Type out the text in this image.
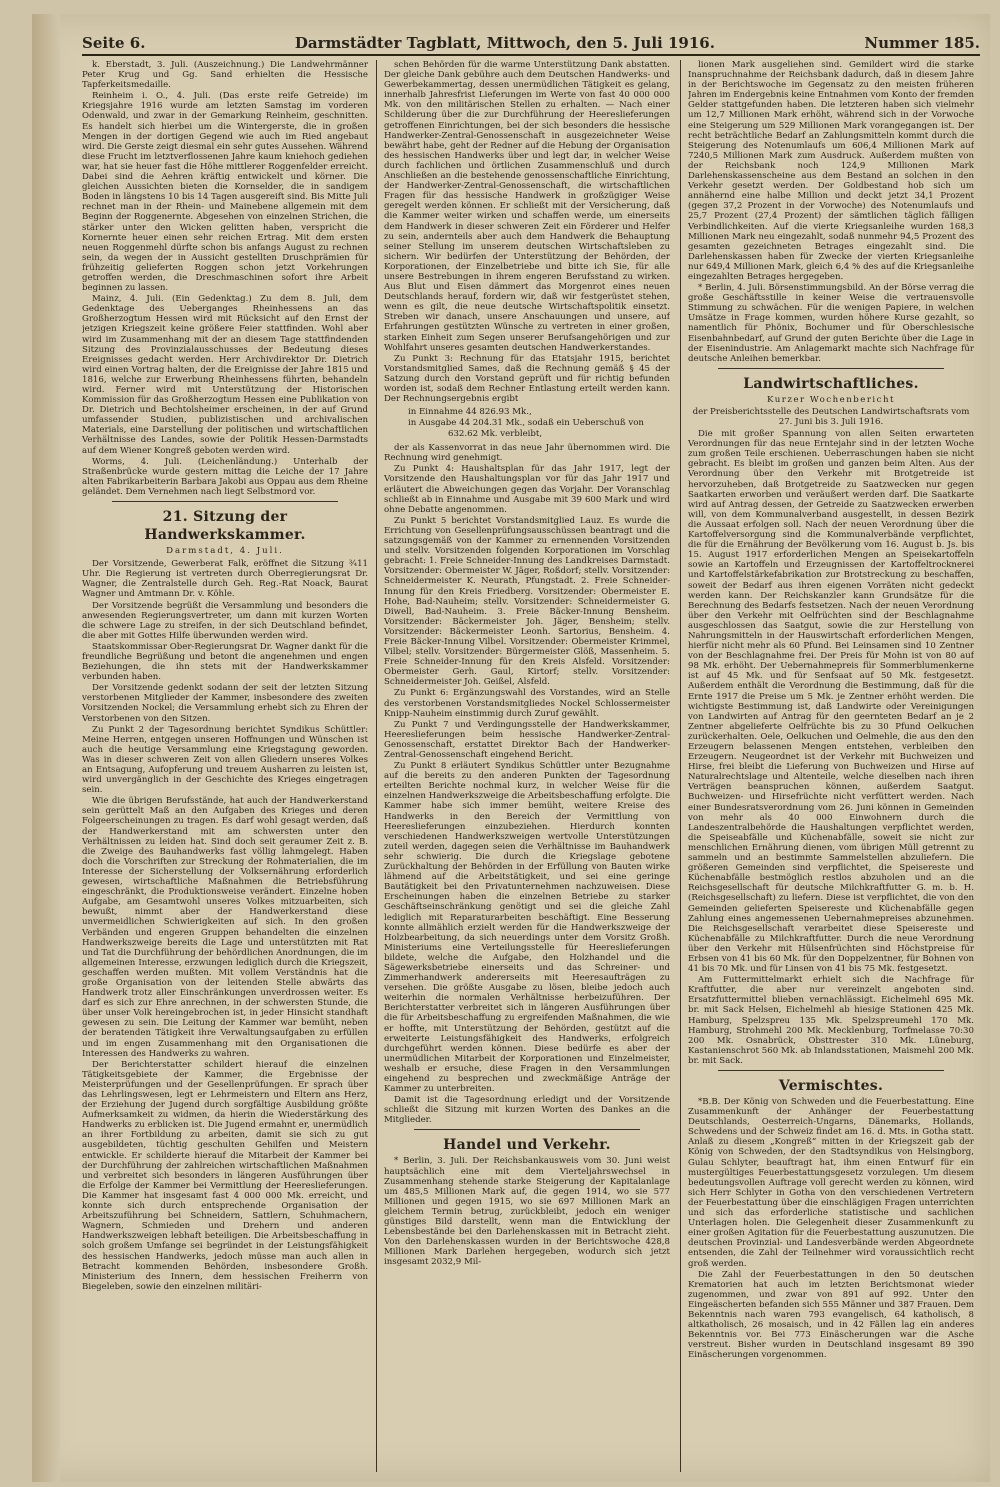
Seite 6.	Darmstädter Tagblatt, Mittwoch, den 5. Juli 1916.	Nummer 185.

k. Eberstadt, 3. Juli. (Auszeichnung.) Die Landwehrmänner Peter Krug und Gg. Sand erhielten die Hessische Tapferkeitsmedaille.

Reinheim i. O., 4. Juli. (Das erste reife Getreide) im Kriegsjahre 1916 wurde am letzten Samstag im vorderen Odenwald, und zwar in der Gemarkung Reinheim, geschnitten. Es handelt sich hierbei um die Wintergerste, die in großen Mengen in der dortigen Gegend wie auch im Ried angebaut wird. Die Gerste zeigt diesmal ein sehr gutes Aussehen. Während diese Frucht im letztverflossenen Jahre kaum kniehoch gediehen war, hat sie heuer fast die Höhe mittlerer Roggenfelder erreicht. Dabei sind die Aehren kräftig entwickelt und körner. Die gleichen Aussichten bieten die Kornselder, die in sandigem Boden in längstens 10 bis 14 Tagen ausgereift sind. Bis Mitte Juli rechnet man in der Rhein- und Mainebene allgemein mit dem Beginn der Roggenernte. Abgesehen von einzelnen Strichen, die stärker unter den Wicken gelitten haben, verspricht die Kornernte heuer einen sehr reichen Ertrag. Mit dem ersten neuen Roggenmehl dürfte schon bis anfangs August zu rechnen sein, da wegen der in Aussicht gestellten Druschprämien für frühzeitig gelieferten Roggen schon jetzt Vorkehrungen getroffen werden, die Dreschmaschinen sofort ihre Arbeit beginnen zu lassen.

Mainz, 4. Juli. (Ein Gedenktag.) Zu dem 8. Juli, dem Gedenktage des Ueberganges Rheinhessens an das Großherzogtum Hessen wird mit Rücksicht auf den Ernst der jetzigen Kriegszeit keine größere Feier stattfinden. Wohl aber wird im Zusammenhang mit der an diesem Tage stattfindenden Sitzung des Provinzialausschusses der Bedeutung dieses Ereignisses gedacht werden. Herr Archivdirektor Dr. Dietrich wird einen Vortrag halten, der die Ereignisse der Jahre 1815 und 1816, welche zur Erwerbung Rheinhessens führten, behandeln wird. Ferner wird mit Unterstützung der Historischen Kommission für das Großherzogtum Hessen eine Publikation von Dr. Dietrich und Bechtolsheimer erscheinen, in der auf Grund umfassender Studien, publizistischen und archivalischen Materials, eine Darstellung der politischen und wirtschaftlichen Verhältnisse des Landes, sowie der Politik Hessen-Darmstadts auf dem Wiener Kongreß geboten werden wird.

Worms, 4. Juli. (Leichenländung.) Unterhalb der Straßenbrücke wurde gestern mittag die Leiche der 17 Jahre alten Fabrikarbeiterin Barbara Jakobi aus Oppau aus dem Rheine geländet. Dem Vernehmen nach liegt Selbstmord vor.

21. Sitzung der Handwerkskammer.
Darmstadt, 4. Juli.

Der Vorsitzende, Gewerberat Falk, eröffnet die Sitzung ¾11 Uhr. Die Regierung ist vertreten durch Oberregierungsrat Dr. Wagner, die Zentralstelle durch Geh. Reg.-Rat Noack, Baurat Wagner und Amtmann Dr. v. Köhle.

Der Vorsitzende begrüßt die Versammlung und besonders die anwesenden Regierungsvertreter, um dann mit kurzen Worten die schwere Lage zu streifen, in der sich Deutschland befindet, die aber mit Gottes Hilfe überwunden werden wird.

Staatskommissar Ober-Regierungsrat Dr. Wagner dankt für die freundliche Begrüßung und betont die angenehmen und engen Beziehungen, die ihn stets mit der Handwerkskammer verbunden haben.

Der Vorsitzende gedenkt sodann der seit der letzten Sitzung verstorbenen Mitglieder der Kammer, insbesondere des zweiten Vorsitzenden Nockel; die Versammlung erhebt sich zu Ehren der Verstorbenen von den Sitzen.

Zu Punkt 2 der Tagesordnung berichtet Syndikus Schüttler: Meine Herren, entgegen unseren Hoffnungen und Wünschen ist auch die heutige Versammlung eine Kriegstagung geworden. Was in dieser schweren Zeit von allen Gliedern unseres Volkes an Entsagung, Aufopferung und treuem Ausharren zu leisten ist, wird unvergänglich in der Geschichte des Krieges eingetragen sein.

Wie die übrigen Berufsstände, hat auch der Handwerkerstand sein gerüttelt Maß an den Aufgaben des Krieges und deren Folgeerscheinungen zu tragen. Es darf wohl gesagt werden, daß der Handwerkerstand mit am schwersten unter den Verhältnissen zu leiden hat. Sind doch seit geraumer Zeit z. B. die Zweige des Bauhandwerks fast völlig lahmgelegt. Haben doch die Vorschriften zur Streckung der Rohmaterialien, die im Interesse der Sicherstellung der Volksernährung erforderlich gewesen, wirtschaftliche Maßnahmen die Betriebsführung eingeschränkt, die Produktionsweise verändert. Einzelne hoben Aufgabe, am Gesamtwohl unseres Volkes mitzuarbeiten, sich bewußt, nimmt aber der Handwerkerstand diese unvermeidlichen Schwierigkeiten auf sich. In den großen Verbänden und engeren Gruppen behandelten die einzelnen Handwerkszweige bereits die Lage und unterstützten mit Rat und Tat die Durchführung der behördlichen Anordnungen, die im allgemeinen Interesse, erzwungen lediglich durch die Kriegszeit, geschaffen werden mußten. Mit vollem Verständnis hat die große Organisation von der leitenden Stelle abwärts das Handwerk trotz aller Einschränkungen unverdrossen weiter. Es darf es sich zur Ehre anrechnen, in der schwersten Stunde, die über unser Volk hereingebrochen ist, in jeder Hinsicht standhaft gewesen zu sein. Die Leitung der Kammer war bemüht, neben der beratenden Tätigkeit ihre Verwaltungsaufgaben zu erfüllen und im engen Zusammenhang mit den Organisationen die Interessen des Handwerks zu wahren.

Der Berichterstatter schildert hierauf die einzelnen Tätigkeitsgebiete der Kammer, die Ergebnisse der Meisterprüfungen und der Gesellenprüfungen. Er sprach über das Lehrlingswesen, legt er Lehrmeistern und Eltern ans Herz, der Erziehung der Jugend durch sorgfältige Ausbildung größte Aufmerksamkeit zu widmen, da hierin die Wiederstärkung des Handwerks zu erblicken ist. Die Jugend ermahnt er, unermüdlich an ihrer Fortbildung zu arbeiten, damit sie sich zu gut ausgebildeten, tüchtig geschulten Gehilfen und Meistern entwickle. Er schilderte hierauf die Mitarbeit der Kammer bei der Durchführung der zahlreichen wirtschaftlichen Maßnahmen und verbreitet sich besonders in längeren Ausführungen über die Erfolge der Kammer bei Vermittlung der Heereslieferungen. Die Kammer hat insgesamt fast 4 000 000 Mk. erreicht, und konnte sich durch entsprechende Organisation der Arbeitszuführung bei Schneidern, Sattlern, Schuhmachern, Wagnern, Schmieden und Drehern und anderen Handwerkszweigen lebhaft beteiligen. Die Arbeitsbeschaffung in solch großem Umfange sei begründet in der Leistungsfähigkeit des hessischen Handwerks, jedoch müsse man auch allen in Betracht kommenden Behörden, insbesondere Großh. Ministerium des Innern, dem hessischen Freiherrn von Biegeleben, sowie den einzelnen militäri-

schen Behörden für die warme Unterstützung Dank abstatten. Der gleiche Dank gebühre auch dem Deutschen Handwerks- und Gewerbekammertag, dessen unermüdlichen Tätigkeit es gelang, innerhalb Jahresfrist Lieferungen im Werte von fast 40 000 000 Mk. von den militärischen Stellen zu erhalten. — Nach einer Schilderung über die zur Durchführung der Heereslieferungen getroffenen Einrichtungen, bei der sich besonders die hessische Handwerker-Zentral-Genossenschaft in ausgezeichneter Weise bewährt habe, geht der Redner auf die Hebung der Organisation des hessischen Handwerks über und legt dar, in welcher Weise durch fachlichen und örtlichen Zusammenschluß und durch Anschließen an die bestehende genossenschaftliche Einrichtung, der Handwerker-Zentral-Genossenschaft, die wirtschaftlichen Fragen für das hessische Handwerk in großzügiger Weise geregelt werden können. Er schließt mit der Versicherung, daß die Kammer weiter wirken und schaffen werde, um einerseits dem Handwerk in dieser schweren Zeit ein Förderer und Helfer zu sein, andernteils aber auch dem Handwerk die Behauptung seiner Stellung im unserem deutschen Wirtschaftsleben zu sichern. Wir bedürfen der Unterstützung der Behörden, der Korporationen, der Einzelbetriebe und bitte ich Sie, für alle unsere Bestrebungen in ihrem engeren Berufsstand zu wirken. Aus Blut und Eisen dämmert das Morgenrot eines neuen Deutschlands herauf, fordern wir, daß wir festgerüstet stehen, wenn es gilt, die neue deutsche Wirtschaftspolitik einsetzt. Streben wir danach, unsere Anschauungen und unsere, auf Erfahrungen gestützten Wünsche zu vertreten in einer großen, starken Einheit zum Segen unserer Berufsangehörigen und zur Wohlfahrt unseres gesamten deutschen Handwerkerstandes.

Zu Punkt 3: Rechnung für das Etatsjahr 1915, berichtet Vorstandsmitglied Sames, daß die Rechnung gemäß § 45 der Satzung durch den Vorstand geprüft und für richtig befunden worden ist, sodaß dem Rechner Entlastung erteilt werden kann. Der Rechnungsergebnis ergibt

in Einnahme 44 826.93 Mk.,
in Ausgabe 44 204.31 Mk., sodaß ein Ueberschuß von
632.62 Mk. verbleibt,

der als Kassenvorrat in das neue Jahr übernommen wird. Die Rechnung wird genehmigt.

Zu Punkt 4: Haushaltsplan für das Jahr 1917, legt der Vorsitzende den Haushaltungsplan vor für das Jahr 1917 und erläutert die Abweichungen gegen das Vorjahr. Der Voranschlag schließt ab in Einnahme und Ausgabe mit 39 600 Mark und wird ohne Debatte angenommen.

Zu Punkt 5 berichtet Vorstandsmitglied Lauz. Es wurde die Errichtung von Gesellenprüfungsausschüssen beantragt und die satzungsgemäß von der Kammer zu ernennenden Vorsitzenden und stellv. Vorsitzenden folgenden Korporationen im Vorschlag gebracht: 1. Freie Schneider-Innung des Landkreises Darmstadt. Vorsitzender: Obermeister W. Jäger, Roßdorf; stellv. Vorsitzender: Schneidermeister K. Neurath, Pfungstadt. 2. Freie Schneider-Innung für den Kreis Friedberg. Vorsitzender: Obermeister E. Hohe, Bad-Nauheim; stellv. Vorsitzender: Schneidermeister G. Diwell, Bad-Nauheim. 3. Freie Bäcker-Innung Bensheim. Vorsitzender: Bäckermeister Joh. Jäger, Bensheim; stellv. Vorsitzender: Bäckermeister Leonh. Sartorius, Bensheim. 4. Freie Bäcker-Innung Vilbel. Vorsitzender: Obermeister Krimmel, Vilbel; stellv. Vorsitzender: Bürgermeister Glöß, Massenheim. 5. Freie Schneider-Innung für den Kreis Alsfeld. Vorsitzender: Obermeister Gerh. Gaul, Kirtorf; stellv. Vorsitzender: Schneidermeister Joh. Geißel, Alsfeld.

Zu Punkt 6: Ergänzungswahl des Vorstandes, wird an Stelle des verstorbenen Vorstandsmitgliedes Nockel Schlossermeister Knipp-Nauheim einstimmig durch Zuruf gewählt.

Zu Punkt 7 und Verdingungsstelle der Handwerkskammer, Heereslieferungen beim hessische Handwerker-Zentral-Genossenschaft, erstattet Direktor Bach der Handwerker-Zentral-Genossenschaft eingehend Bericht.

Zu Punkt 8 erläutert Syndikus Schüttler unter Bezugnahme auf die bereits zu den anderen Punkten der Tagesordnung erteilten Berichte nochmal kurz, in welcher Weise für die einzelnen Handwerkszweige die Arbeitsbeschaffung erfolgte. Die Kammer habe sich immer bemüht, weitere Kreise des Handwerks in den Bereich der Vermittlung von Heereslieferungen einzubeziehen. Hierdurch konnten verschiedenen Handwerkszweigen wertvolle Unterstützungen zuteil werden, dagegen seien die Verhältnisse im Bauhandwerk sehr schwierig. Die durch die Kriegslage gebotene Zurückhaltung der Behörden in der Erfüllung von Bauten wirke lähmend auf die Arbeitstätigkeit, und sei eine geringe Bautätigkeit bei den Privatunternehmen nachzuweisen. Diese Erscheinungen haben die einzelnen Betriebe zu starker Geschäftseinschränkung genötigt und sei die gleiche Zahl lediglich mit Reparaturarbeiten beschäftigt. Eine Besserung konnte allmählich erzielt werden für die Handwerkszweige der Holzbearbeitung, da sich neuerdings unter dem Vorsitz Großh. Ministeriums eine Verteilungsstelle für Heereslieferungen bildete, welche die Aufgabe, den Holzhandel und die Sägewerksbetriebe einerseits und das Schreiner- und Zimmerhandwerk andererseits mit Heeresaufträgen zu versehen. Die größte Ausgabe zu lösen, bleibe jedoch auch weiterhin die normalen Verhältnisse herbeizuführen. Der Berichterstatter verbreitet sich in längeren Ausführungen über die für Arbeitsbeschaffung zu ergreifenden Maßnahmen, die wie er hoffte, mit Unterstützung der Behörden, gestützt auf die erweiterte Leistungsfähigkeit des Handwerks, erfolgreich durchgeführt werden können. Diese bedürfe es aber der unermüdlichen Mitarbeit der Korporationen und Einzelmeister, weshalb er ersuche, diese Fragen in den Versammlungen eingehend zu besprechen und zweckmäßige Anträge der Kammer zu unterbreiten.

Damit ist die Tagesordnung erledigt und der Vorsitzende schließt die Sitzung mit kurzen Worten des Dankes an die Mitglieder.

Handel und Verkehr.

* Berlin, 3. Juli. Der Reichsbankausweis vom 30. Juni weist hauptsächlich eine mit dem Vierteljahrswechsel in Zusammenhang stehende starke Steigerung der Kapitalanlage um 485,5 Millionen Mark auf, die gegen 1914, wo sie 577 Millionen und gegen 1915, wo sie 697 Millionen Mark an gleichem Termin betrug, zurückbleibt, jedoch ein weniger günstiges Bild darstellt, wenn man die Entwicklung der Lebensbestände bei den Darlehenskassen mit in Betracht zieht. Von den Darlehenskassen wurden in der Berichtswoche 428,8 Millionen Mark Darlehen hergegeben, wodurch sich jetzt insgesamt 2032,9 Mil-

lionen Mark ausgeliehen sind. Gemildert wird die starke Inanspruchnahme der Reichsbank dadurch, daß in diesem Jahre in der Berichtswoche im Gegensatz zu den meisten früheren Jahren im Endergebnis keine Entnahmen vom Konto der fremden Gelder stattgefunden haben. Die letzteren haben sich vielmehr um 12,7 Millionen Mark erhöht, während sich in der Vorwoche eine Steigerung um 529 Millionen Mark vorangegangen ist. Der recht beträchtliche Bedarf an Zahlungsmitteln kommt durch die Steigerung des Notenumlaufs um 606,4 Millionen Mark auf 7240,5 Millionen Mark zum Ausdruck. Außerdem mußten von der Reichsbank noch 124,9 Millionen Mark Darlehenskassenscheine aus dem Bestand an solchen in den Verkehr gesetzt werden. Der Goldbestand hob sich um annähernd eine halbe Million und deckt jetzt 34,1 Prozent (gegen 37,2 Prozent in der Vorwoche) des Notenumlaufs und 25,7 Prozent (27,4 Prozent) der sämtlichen täglich fälligen Verbindlichkeiten. Auf die vierte Kriegsanleihe wurden 168,3 Millionen Mark neu eingezahlt, sodaß nunmehr 94,5 Prozent des gesamten gezeichneten Betrages eingezahlt sind. Die Darlehenskassen haben für Zwecke der vierten Kriegsanleihe nur 649,4 Millionen Mark, gleich 6,4 % des auf die Kriegsanleihe eingezahlten Betrages hergegeben.

* Berlin, 4. Juli. Börsenstimmungsbild. An der Börse verrag die große Geschäftsstille in keiner Weise die vertrauensvolle Stimmung zu schwächen. Für die wenigen Papiere, in welchen Umsätze in Frage kommen, wurden höhere Kurse gezahlt, so namentlich für Phönix, Bochumer und für Oberschlesische Eisenbahnbedarf, auf Grund der guten Berichte über die Lage in der Eisenindustrie. Am Anlagemarkt machte sich Nachfrage für deutsche Anleihen bemerkbar.

Landwirtschaftliches.
Kurzer Wochenbericht
der Preisberichtsstelle des Deutschen Landwirtschaftsrats vom 27. Juni bis 3. Juli 1916.

Die mit großer Spannung von allen Seiten erwarteten Verordnungen für das neue Erntejahr sind in der letzten Woche zum großen Teile erschienen. Ueberraschungen haben sie nicht gebracht. Es bleibt im großen und ganzen beim Alten. Aus der Verordnung über den Verkehr mit Brotgetreide ist hervorzuheben, daß Brotgetreide zu Saatzwecken nur gegen Saatkarten erworben und veräußert werden darf. Die Saatkarte wird auf Antrag dessen, der Getreide zu Saatzwecken erwerben will, von dem Kommunalverband ausgestellt, in dessen Bezirk die Aussaat erfolgen soll. Nach der neuen Verordnung über die Kartoffelversorgung sind die Kommunalverbände verpflichtet, die für die Ernährung der Bevölkerung vom 16. August b. Js. bis 15. August 1917 erforderlichen Mengen an Speisekartoffeln sowie an Kartoffeln und Erzeugnissen der Kartoffeltrocknerei und Kartoffelstärkefabrikation zur Brotstreckung zu beschaffen, soweit der Bedarf aus ihren eigenen Vorräten nicht gedeckt werden kann. Der Reichskanzler kann Grundsätze für die Berechnung des Bedarfs festsetzen. Nach der neuen Verordnung über den Verkehr mit Oelfrüchten sind der Beschlagnahme ausgeschlossen das Saatgut, sowie die zur Herstellung von Nahrungsmitteln in der Hauswirtschaft erforderlichen Mengen, hierfür nicht mehr als 60 Pfund. Bei Leinsamen sind 10 Zentner von der Beschlagnahme frei. Der Preis für Mohn ist von 80 auf 98 Mk. erhöht. Der Uebernahmepreis für Sommerblumenkerne ist auf 45 Mk. und für Senfsaat auf 50 Mk. festgesetzt. Außerdem enthält die Verordnung die Bestimmung, daß für die Ernte 1917 die Preise um 5 Mk. je Zentner erhöht werden. Die wichtigste Bestimmung ist, daß Landwirte oder Vereinigungen von Landwirten auf Antrag für den geernteten Bedarf an je 2 Zentner abgelieferte Oelfrüchte bis zu 30 Pfund Oelkuchen zurückerhalten. Oele, Oelkuchen und Oelmehle, die aus den den Erzeugern belassenen Mengen entstehen, verbleiben den Erzeugern. Neugeordnet ist der Verkehr mit Buchweizen und Hirse, frei bleibt die Lieferung von Buchweizen und Hirse auf Naturalrechtslage und Altenteile, welche dieselben nach ihren Verträgen beanspruchen können, außerdem Saatgut. Buchweizen- und Hirsefrüchte nicht verfüttert werden. Nach einer Bundesratsverordnung vom 26. Juni können in Gemeinden von mehr als 40 000 Einwohnern durch die Landeszentralbehörde die Haushaltungen verpflichtet werden, die Speiseabfälle und Küchenabfälle, soweit sie nicht zur menschlichen Ernährung dienen, vom übrigen Müll getrennt zu sammeln und an bestimmte Sammelstellen abzuliefern. Die größeren Gemeinden sind verpflichtet, die Speisereste und Küchenabfälle bestmöglich restlos abzuholen und an die Reichsgesellschaft für deutsche Milchkraftfutter G. m. b. H. (Reichsgesellschaft) zu liefern. Diese ist verpflichtet, die von den Gemeinden gelieferten Speisereste und Küchenabfälle gegen Zahlung eines angemessenen Uebernahmepreises abzunehmen. Die Reichsgesellschaft verarbeitet diese Speisereste und Küchenabfälle zu Milchkraftfutter. Durch die neue Verordnung über den Verkehr mit Hülsenfrüchten sind Höchstpreise für Erbsen von 41 bis 60 Mk. für den Doppelzentner, für Bohnen von 41 bis 70 Mk. und für Linsen von 41 bis 75 Mk. festgesetzt.

Am Futtermittelmarkt erhielt sich die Nachfrage für Kraftfutter, die aber nur vereinzelt angeboten sind. Ersatzfuttermittel blieben vernachlässigt. Eichelmehl 695 Mk. br. mit Sack Helsen, Eichelmehl ab hiesige Stationen 425 Mk. Hamburg, Spelzspreu 135 Mk. Spelzspreumehl 170 Mk. Hamburg, Strohmehl 200 Mk. Mecklenburg, Torfmelasse 70:30 200 Mk. Osnabrück, Obsttrester 310 Mk. Lüneburg, Kastanienschrot 560 Mk. ab Inlandsstationen, Maismehl 200 Mk. br. mit Sack.

Vermischtes.

*B.B. Der König von Schweden und die Feuerbestattung. Eine Zusammenkunft der Anhänger der Feuerbestattung Deutschlands, Oesterreich-Ungarns, Dänemarks, Hollands, Schwedens und der Schweiz findet am 16. d. Mts. in Gotha statt. Anlaß zu diesem „Kongreß“ mitten in der Kriegszeit gab der König von Schweden, der den Stadtsyndikus von Helsingborg, Gulau Schlyter, beauftragt hat, ihm einen Entwurf für ein mustergültiges Feuerbestattungsgesetz vorzulegen. Um diesem bedeutungsvollen Auftrage voll gerecht werden zu können, wird sich Herr Schlyter in Gotha von den verschiedenen Vertretern der Feuerbestattung über die einschlägigen Fragen unterrichten und sich das erforderliche statistische und sachlichen Unterlagen holen. Die Gelegenheit dieser Zusammenkunft zu einer großen Agitation für die Feuerbestattung auszunutzen. Die deutschen Provinzial- und Landesverbände werden Abgeordnete entsenden, die Zahl der Teilnehmer wird voraussichtlich recht groß werden.

Die Zahl der Feuerbestattungen in den 50 deutschen Krematorien hat auch im letzten Berichtsmonat wieder zugenommen, und zwar von 891 auf 992. Unter den Eingeäscherten befanden sich 555 Männer und 387 Frauen. Dem Bekenntnis nach waren 793 evangelisch, 64 katholisch, 8 altkatholisch, 26 mosaisch, und in 42 Fällen lag ein anderes Bekenntnis vor. Bei 773 Einäscherungen war die Asche verstreut. Bisher wurden in Deutschland insgesamt 89 390 Einäscherungen vorgenommen.
